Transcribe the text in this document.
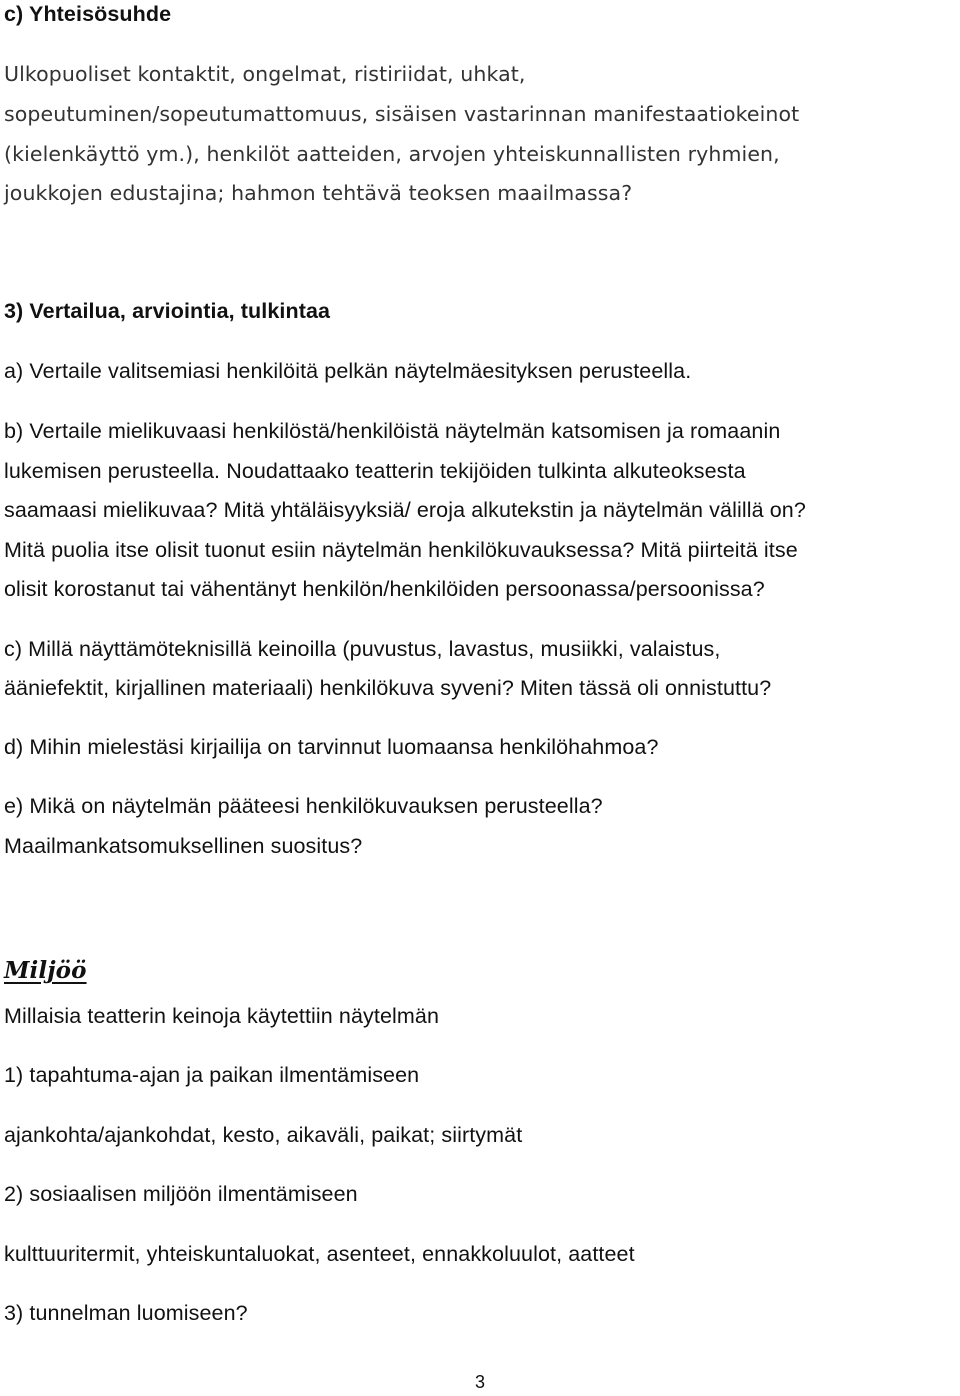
c) Yhteisösuhde
Ulkopuoliset kontaktit, ongelmat, ristiriidat, uhkat,
sopeutuminen/sopeutumattomuus, sisäisen vastarinnan manifestaatiokeinot
(kielenkäyttö ym.), henkilöt aatteiden, arvojen yhteiskunnallisten ryhmien,
joukkojen edustajina; hahmon tehtävä teoksen maailmassa?
3) Vertailua, arviointia, tulkintaa
a) Vertaile valitsemiasi henkilöitä pelkän näytelmäesityksen perusteella.
b) Vertaile mielikuvaasi henkilöstä/henkilöistä näytelmän katsomisen ja romaanin
lukemisen perusteella. Noudattaako teatterin tekijöiden tulkinta alkuteoksesta
saamaasi mielikuvaa? Mitä yhtäläisyyksiä/ eroja alkutekstin ja näytelmän välillä on?
Mitä puolia itse olisit tuonut esiin näytelmän henkilökuvauksessa? Mitä piirteitä itse
olisit korostanut tai vähentänyt henkilön/henkilöiden persoonassa/persoonissa?
c) Millä näyttämöteknisillä keinoilla (puvustus, lavastus, musiikki, valaistus,
ääniefektit, kirjallinen materiaali) henkilökuva syveni? Miten tässä oli onnistuttu?
d) Mihin mielestäsi kirjailija on tarvinnut luomaansa henkilöhahmoa?
e) Mikä on näytelmän pääteesi henkilökuvauksen perusteella?
Maailmankatsomuksellinen suositus?
Miljöö
Millaisia teatterin keinoja käytettiin näytelmän
1) tapahtuma-ajan ja paikan ilmentämiseen
ajankohta/ajankohdat, kesto, aikaväli, paikat; siirtymät
2) sosiaalisen miljöön ilmentämiseen
kulttuuritermit, yhteiskuntaluokat, asenteet, ennakkoluulot, aatteet
3) tunnelman luomiseen?
3
